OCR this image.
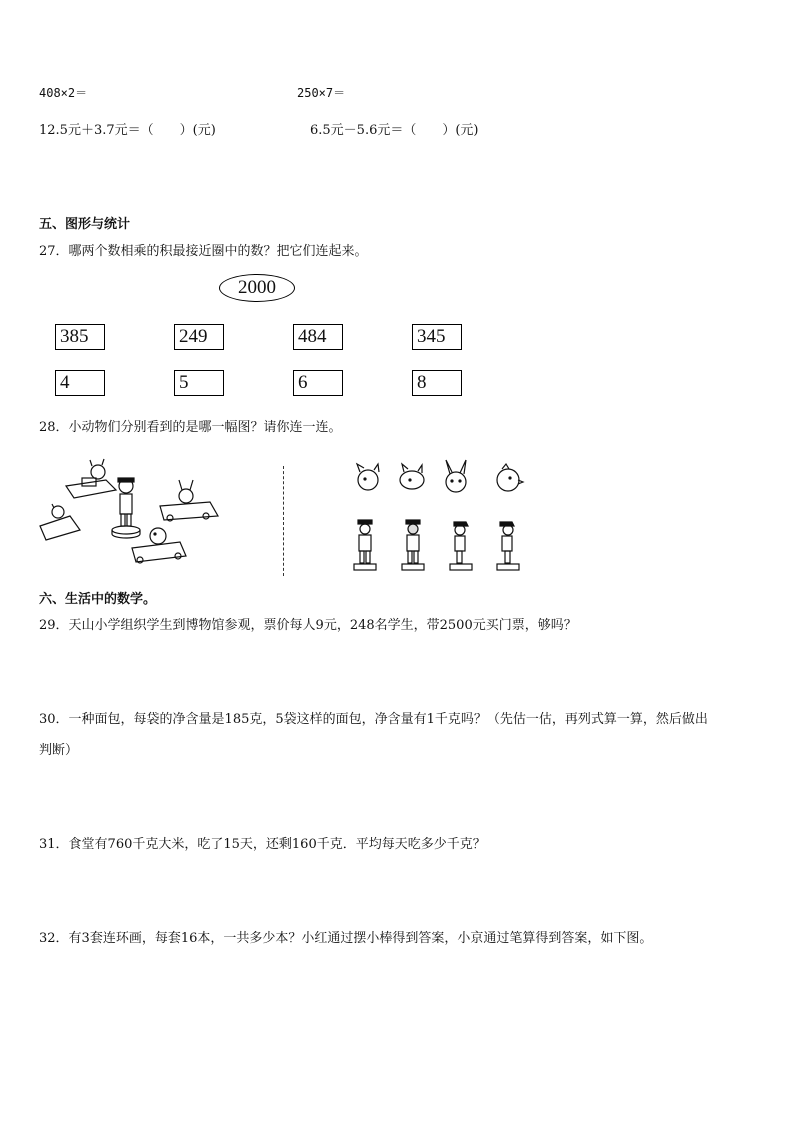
408×2＝	250×7＝
12.5元＋3.7元＝（　　）(元)	6.5元－5.6元＝（　　）(元)
五、图形与统计
27．哪两个数相乘的积最接近圈中的数？把它们连起来。
2000
385	249	484	345
4	5	6	8
28．小动物们分别看到的是哪一幅图？请你连一连。
六、生活中的数学。
29．天山小学组织学生到博物馆参观，票价每人9元，248名学生，带2500元买门票，够吗？
30．一种面包，每袋的净含量是185克，5袋这样的面包，净含量有1千克吗？（先估一估，再列式算一算，然后做出
判断）
31．食堂有760千克大米，吃了15天，还剩160千克．平均每天吃多少千克？
32．有3套连环画，每套16本，一共多少本？小红通过摆小棒得到答案，小京通过笔算得到答案，如下图。
